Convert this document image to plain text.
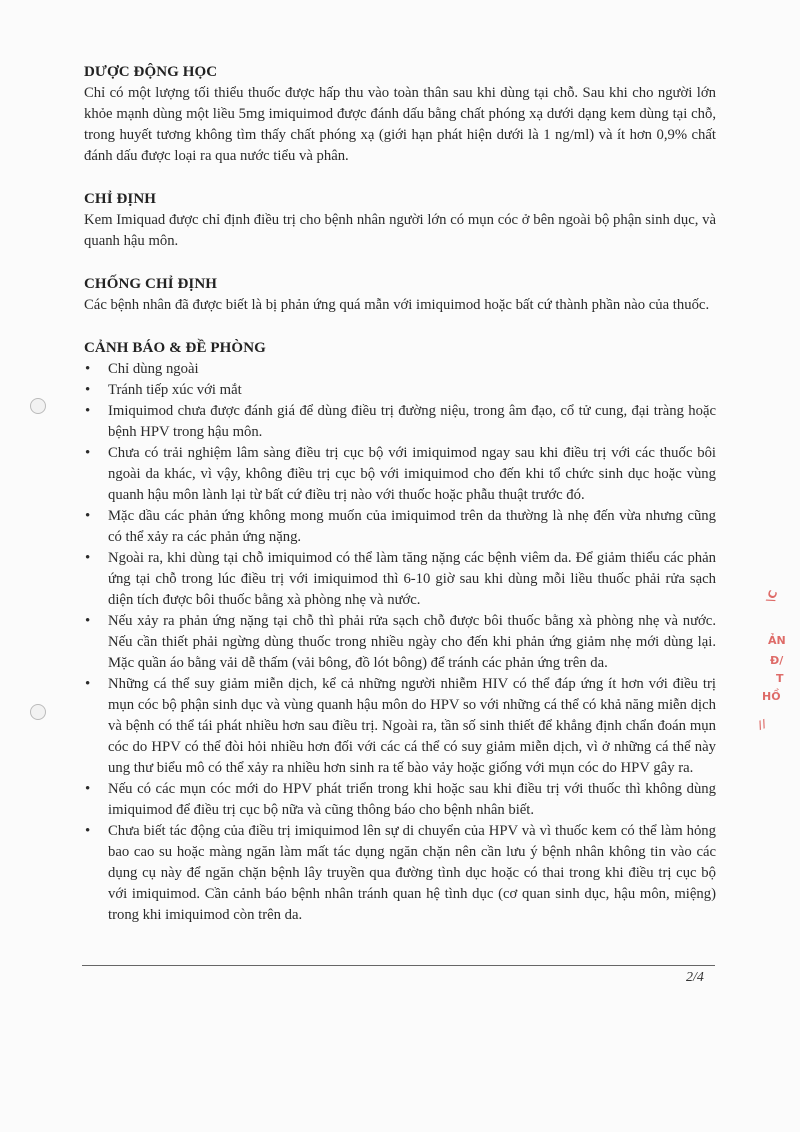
DƯỢC ĐỘNG HỌC

Chỉ có một lượng tối thiểu thuốc được hấp thu vào toàn thân sau khi dùng tại chỗ. Sau khi cho người lớn khỏe mạnh dùng một liều 5mg imiquimod được đánh dấu bằng chất phóng xạ dưới dạng kem dùng tại chỗ, trong huyết tương không tìm thấy chất phóng xạ (giới hạn phát hiện dưới là 1 ng/ml) và ít hơn 0,9% chất đánh dấu được loại ra qua nước tiểu và phân.

CHỈ ĐỊNH

Kem Imiquad được chỉ định điều trị cho bệnh nhân người lớn có mụn cóc ở bên ngoài bộ phận sinh dục, và quanh hậu môn.

CHỐNG CHỈ ĐỊNH

Các bệnh nhân đã được biết là bị phản ứng quá mẫn với imiquimod hoặc bất cứ thành phần nào của thuốc.

CẢNH BÁO & ĐỀ PHÒNG
• Chỉ dùng ngoài
• Tránh tiếp xúc với mắt
• Imiquimod chưa được đánh giá để dùng điều trị đường niệu, trong âm đạo, cổ tử cung, đại tràng hoặc bệnh HPV trong hậu môn.
• Chưa có trải nghiệm lâm sàng điều trị cục bộ với imiquimod ngay sau khi điều trị với các thuốc bôi ngoài da khác, vì vậy, không điều trị cục bộ với imiquimod cho đến khi tổ chức sinh dục hoặc vùng quanh hậu môn lành lại từ bất cứ điều trị nào với thuốc hoặc phẫu thuật trước đó.
• Mặc dầu các phản ứng không mong muốn của imiquimod trên da thường là nhẹ đến vừa nhưng cũng có thể xảy ra các phản ứng nặng.
• Ngoài ra, khi dùng tại chỗ imiquimod có thể làm tăng nặng các bệnh viêm da. Để giảm thiểu các phản ứng tại chỗ trong lúc điều trị với imiquimod thì 6-10 giờ sau khi dùng mỗi liều thuốc phải rửa sạch diện tích được bôi thuốc bằng xà phòng nhẹ và nước.
• Nếu xảy ra phản ứng nặng tại chỗ thì phải rửa sạch chỗ được bôi thuốc bằng xà phòng nhẹ và nước. Nếu cần thiết phải ngừng dùng thuốc trong nhiều ngày cho đến khi phản ứng giảm nhẹ mới dùng lại. Mặc quần áo bằng vải dễ thấm (vải bông, đồ lót bông) để tránh các phản ứng trên da.
• Những cá thể suy giảm miễn dịch, kể cả những người nhiễm HIV có thể đáp ứng ít hơn với điều trị mụn cóc bộ phận sinh dục và vùng quanh hậu môn do HPV so với những cá thể có khả năng miễn dịch và bệnh có thể tái phát nhiều hơn sau điều trị. Ngoài ra, tần số sinh thiết để khẳng định chẩn đoán mụn cóc do HPV có thể đòi hỏi nhiều hơn đối với các cá thể có suy giảm miễn dịch, vì ở những cá thể này ung thư biểu mô có thể xảy ra nhiều hơn sinh ra tế bào vảy hoặc giống với mụn cóc do HPV gây ra.
• Nếu có các mụn cóc mới do HPV phát triển trong khi hoặc sau khi điều trị với thuốc thì không dùng imiquimod để điều trị cục bộ nữa và cũng thông báo cho bệnh nhân biết.
• Chưa biết tác động của điều trị imiquimod lên sự di chuyển của HPV và vì thuốc kem có thể làm hỏng bao cao su hoặc màng ngăn làm mất tác dụng ngăn chặn nên cần lưu ý bệnh nhân không tin vào các dụng cụ này để ngăn chặn bệnh lây truyền qua đường tình dục hoặc có thai trong khi điều trị cục bộ với imiquimod. Cần cảnh báo bệnh nhân tránh quan hệ tình dục (cơ quan sinh dục, hậu môn, miệng) trong khi imiquimod còn trên da.
2/4
\C
ẢN
Đ/
T
HỒ
//
